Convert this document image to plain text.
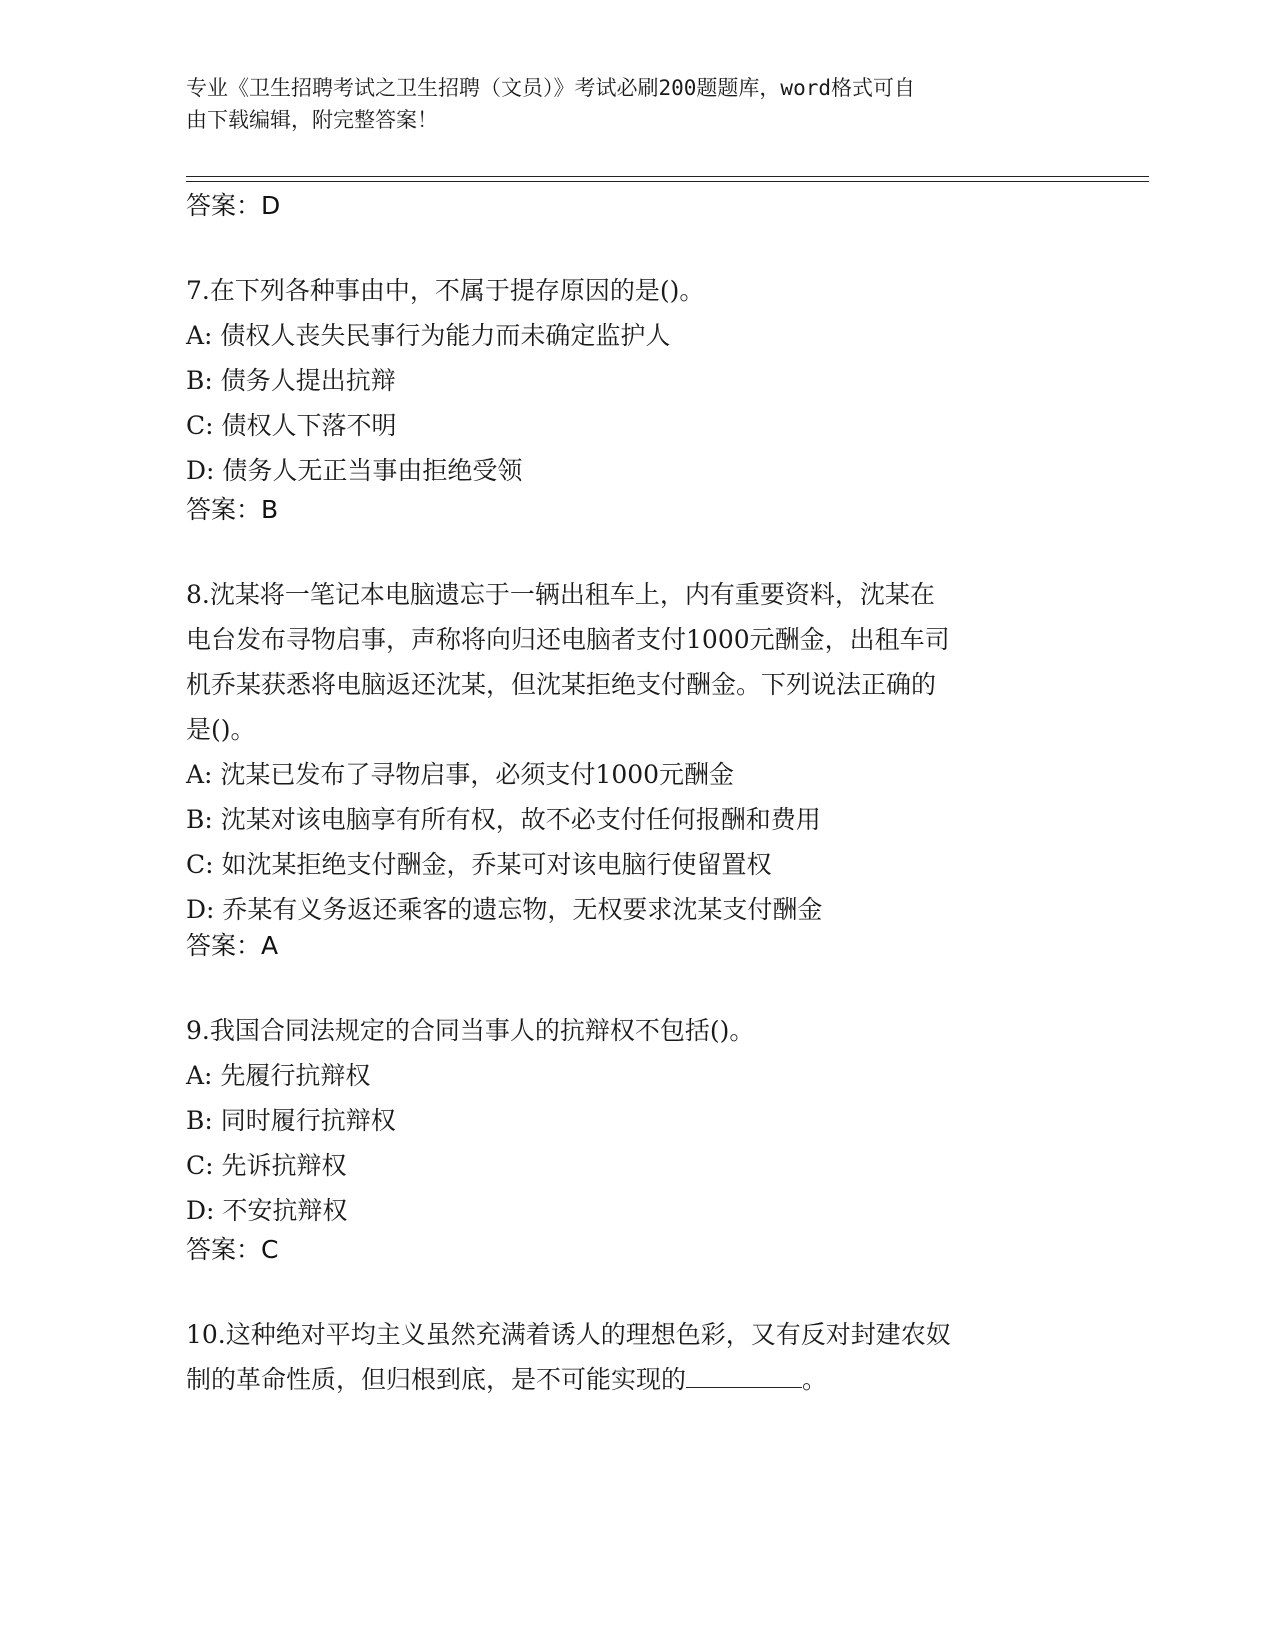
专业《卫生招聘考试之卫生招聘（文员）》考试必刷200题题库，word格式可自
由下载编辑，附完整答案！
答案：D
7.在下列各种事由中，不属于提存原因的是()。
A: 债权人丧失民事行为能力而未确定监护人
B: 债务人提出抗辩
C: 债权人下落不明
D: 债务人无正当事由拒绝受领
答案：B
8.沈某将一笔记本电脑遗忘于一辆出租车上，内有重要资料，沈某在
电台发布寻物启事，声称将向归还电脑者支付1000元酬金，出租车司
机乔某获悉将电脑返还沈某，但沈某拒绝支付酬金。下列说法正确的
是()。
A: 沈某已发布了寻物启事，必须支付1000元酬金
B: 沈某对该电脑享有所有权，故不必支付任何报酬和费用
C: 如沈某拒绝支付酬金，乔某可对该电脑行使留置权
D: 乔某有义务返还乘客的遗忘物，无权要求沈某支付酬金
答案：A
9.我国合同法规定的合同当事人的抗辩权不包括()。
A: 先履行抗辩权
B: 同时履行抗辩权
C: 先诉抗辩权
D: 不安抗辩权
答案：C
10.这种绝对平均主义虽然充满着诱人的理想色彩，又有反对封建农奴
制的革命性质，但归根到底，是不可能实现的	。
